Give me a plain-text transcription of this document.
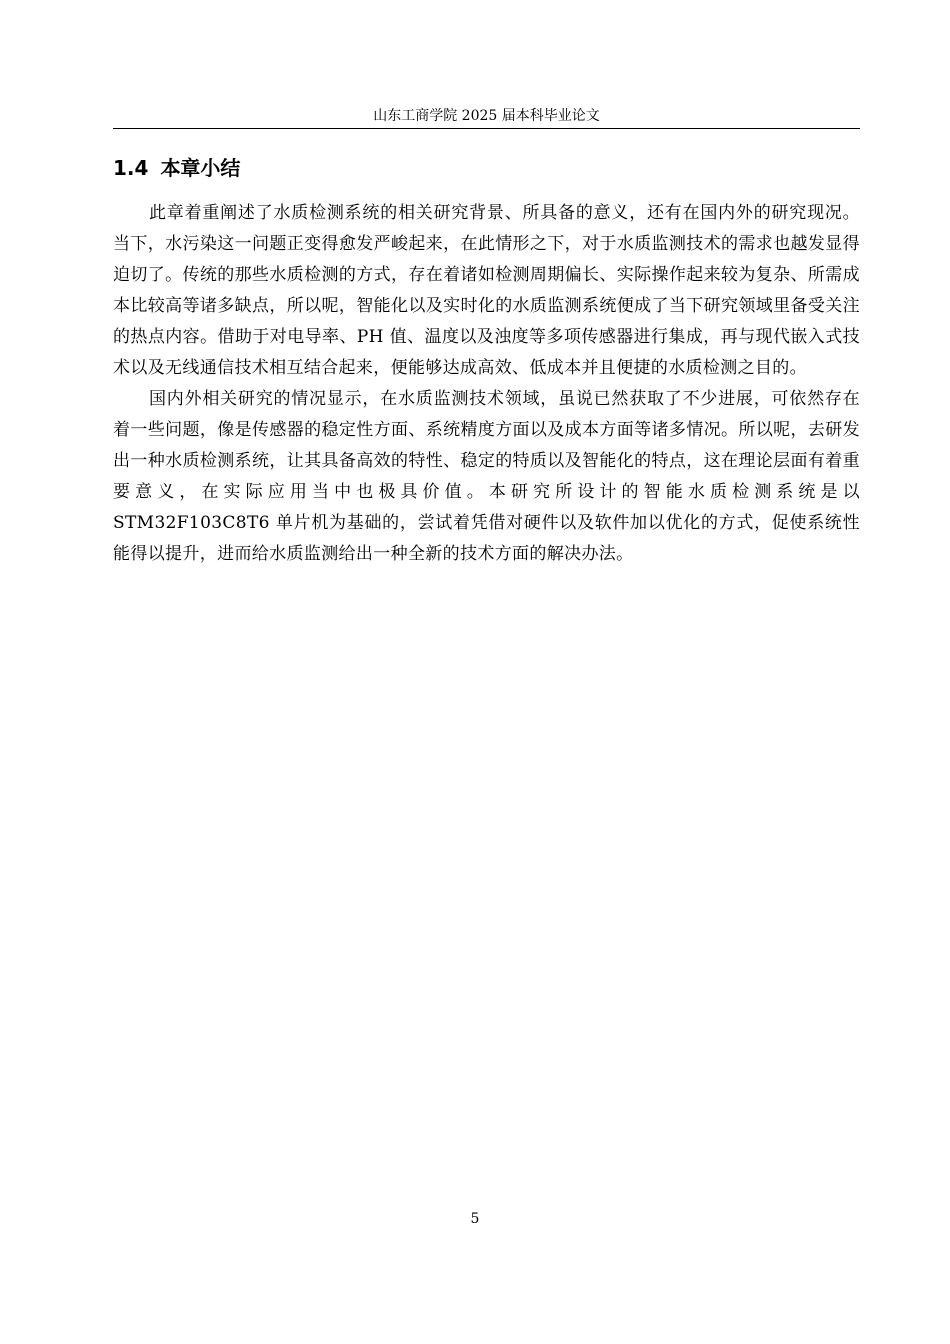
山东工商学院 2025 届本科毕业论文
1.4 本章小结

此章着重阐述了水质检测系统的相关研究背景、所具备的意义，还有在国内外的研究现况。当下，水污染这一问题正变得愈发严峻起来，在此情形之下，对于水质监测技术的需求也越发显得迫切了。传统的那些水质检测的方式，存在着诸如检测周期偏长、实际操作起来较为复杂、所需成本比较高等诸多缺点，所以呢，智能化以及实时化的水质监测系统便成了当下研究领域里备受关注的热点内容。借助于对电导率、PH 值、温度以及浊度等多项传感器进行集成，再与现代嵌入式技术以及无线通信技术相互结合起来，便能够达成高效、低成本并且便捷的水质检测之目的。

国内外相关研究的情况显示，在水质监测技术领域，虽说已然获取了不少进展，可依然存在着一些问题，像是传感器的稳定性方面、系统精度方面以及成本方面等诸多情况。所以呢，去研发出一种水质检测系统，让其具备高效的特性、稳定的特质以及智能化的特点，这在理论层面有着重要意义，在实际应用当中也极具价值。本研究所设计的智能水质检测系统是以 STM32F103C8T6 单片机为基础的，尝试着凭借对硬件以及软件加以优化的方式，促使系统性能得以提升，进而给水质监测给出一种全新的技术方面的解决办法。

5
